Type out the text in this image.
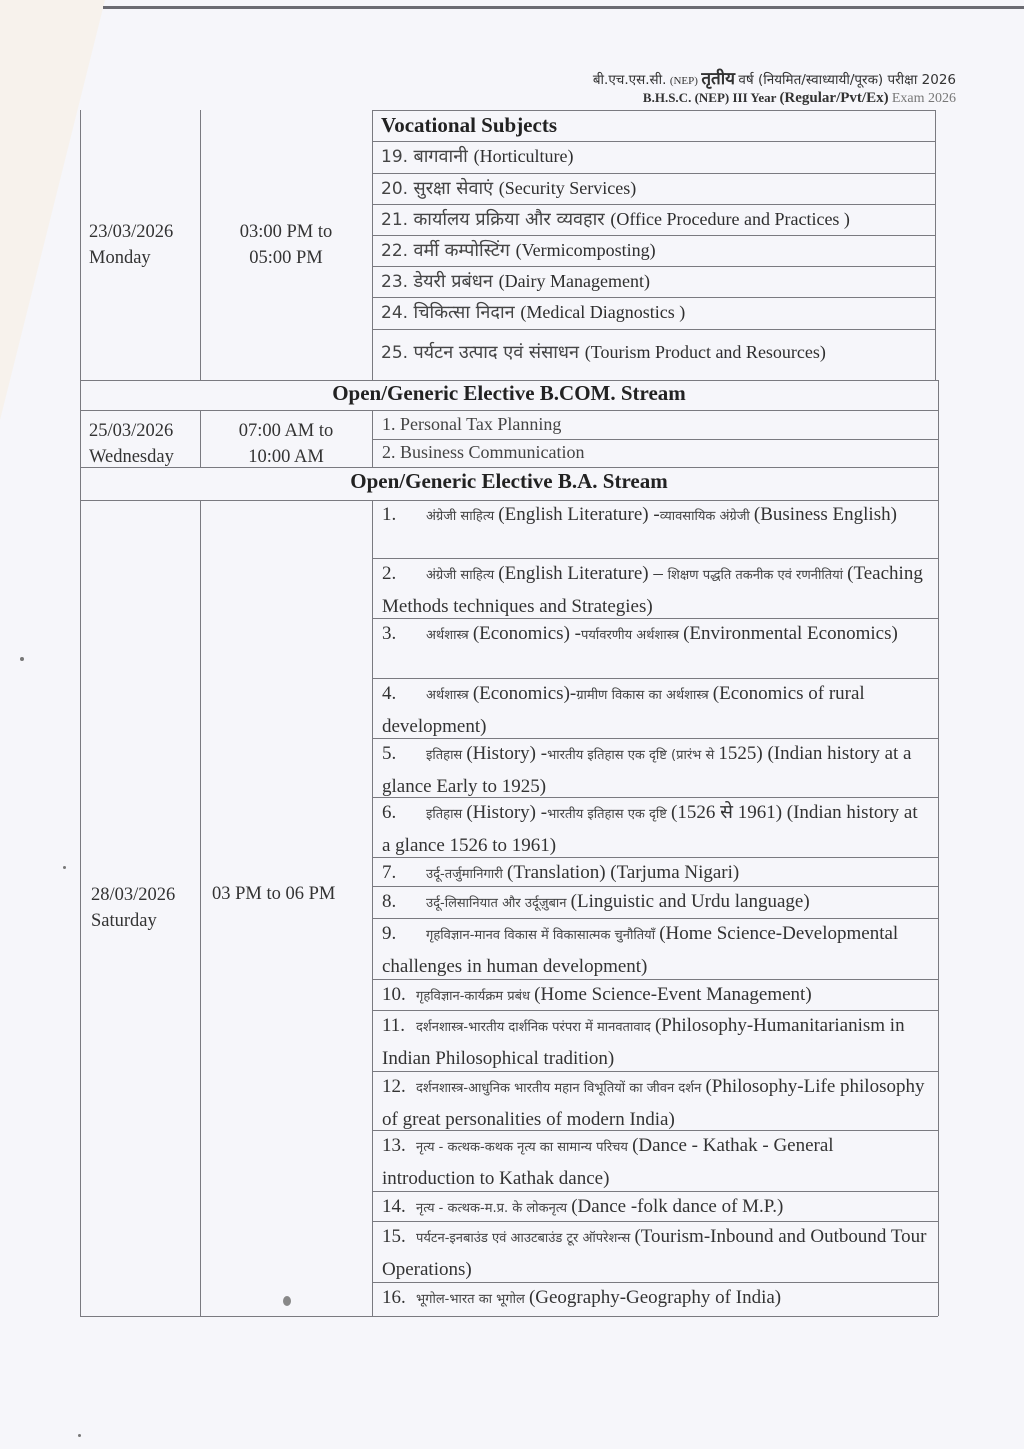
बी.एच.एस.सी. (NEP) तृतीय वर्ष (नियमित/स्वाध्यायी/पूरक) परीक्षा 2026
B.H.S.C. (NEP) III Year (Regular/Pvt/Ex) Exam 2026
23/03/2026
Monday
03:00 PM to
05:00 PM
Vocational Subjects
19. बागवानी (Horticulture)
20. सुरक्षा सेवाएं (Security Services)
21. कार्यालय प्रक्रिया और व्यवहार (Office Procedure and Practices )
22. वर्मी कम्पोस्टिंग (Vermicomposting)
23. डेयरी प्रबंधन (Dairy Management)
24. चिकित्सा निदान (Medical Diagnostics )
25. पर्यटन उत्पाद एवं संसाधन (Tourism Product and Resources)
Open/Generic Elective B.COM. Stream
25/03/2026
Wednesday
07:00 AM to
10:00 AM
1. Personal Tax Planning
2. Business Communication
Open/Generic Elective B.A. Stream
28/03/2026
Saturday
03 PM to 06 PM
1. अंग्रेजी साहित्य (English Literature) -व्यावसायिक अंग्रेजी (Business English)
2. अंग्रेजी साहित्य (English Literature) – शिक्षण पद्धति तकनीक एवं रणनीतियां (Teaching Methods techniques and Strategies)
3. अर्थशास्त्र (Economics) -पर्यावरणीय अर्थशास्त्र (Environmental Economics)
4. अर्थशास्त्र (Economics)-ग्रामीण विकास का अर्थशास्त्र (Economics of rural development)
5. इतिहास (History) -भारतीय इतिहास एक दृष्टि (प्रारंभ से 1525) (Indian history at a glance Early to 1925)
6. इतिहास (History) -भारतीय इतिहास एक दृष्टि (1526 से 1961) (Indian history at a glance 1526 to 1961)
7. उर्दू-तर्जुमानिगारी (Translation) (Tarjuma Nigari)
8. उर्दू-लिसानियात और उर्दूज़ुबान (Linguistic and Urdu language)
9. गृहविज्ञान-मानव विकास में विकासात्मक चुनौतियाँ (Home Science-Developmental challenges in human development)
10. गृहविज्ञान-कार्यक्रम प्रबंध (Home Science-Event Management)
11. दर्शनशास्त्र-भारतीय दार्शनिक परंपरा में मानवतावाद (Philosophy-Humanitarianism in Indian Philosophical tradition)
12. दर्शनशास्त्र-आधुनिक भारतीय महान विभूतियों का जीवन दर्शन (Philosophy-Life philosophy of great personalities of modern India)
13. नृत्य - कत्थक-कथक नृत्य का सामान्य परिचय (Dance - Kathak - General introduction to Kathak dance)
14. नृत्य - कत्थक-म.प्र. के लोकनृत्य (Dance -folk dance of M.P.)
15. पर्यटन-इनबाउंड एवं आउटबाउंड टूर ऑपरेशन्स (Tourism-Inbound and Outbound Tour Operations)
16. भूगोल-भारत का भूगोल (Geography-Geography of India)
